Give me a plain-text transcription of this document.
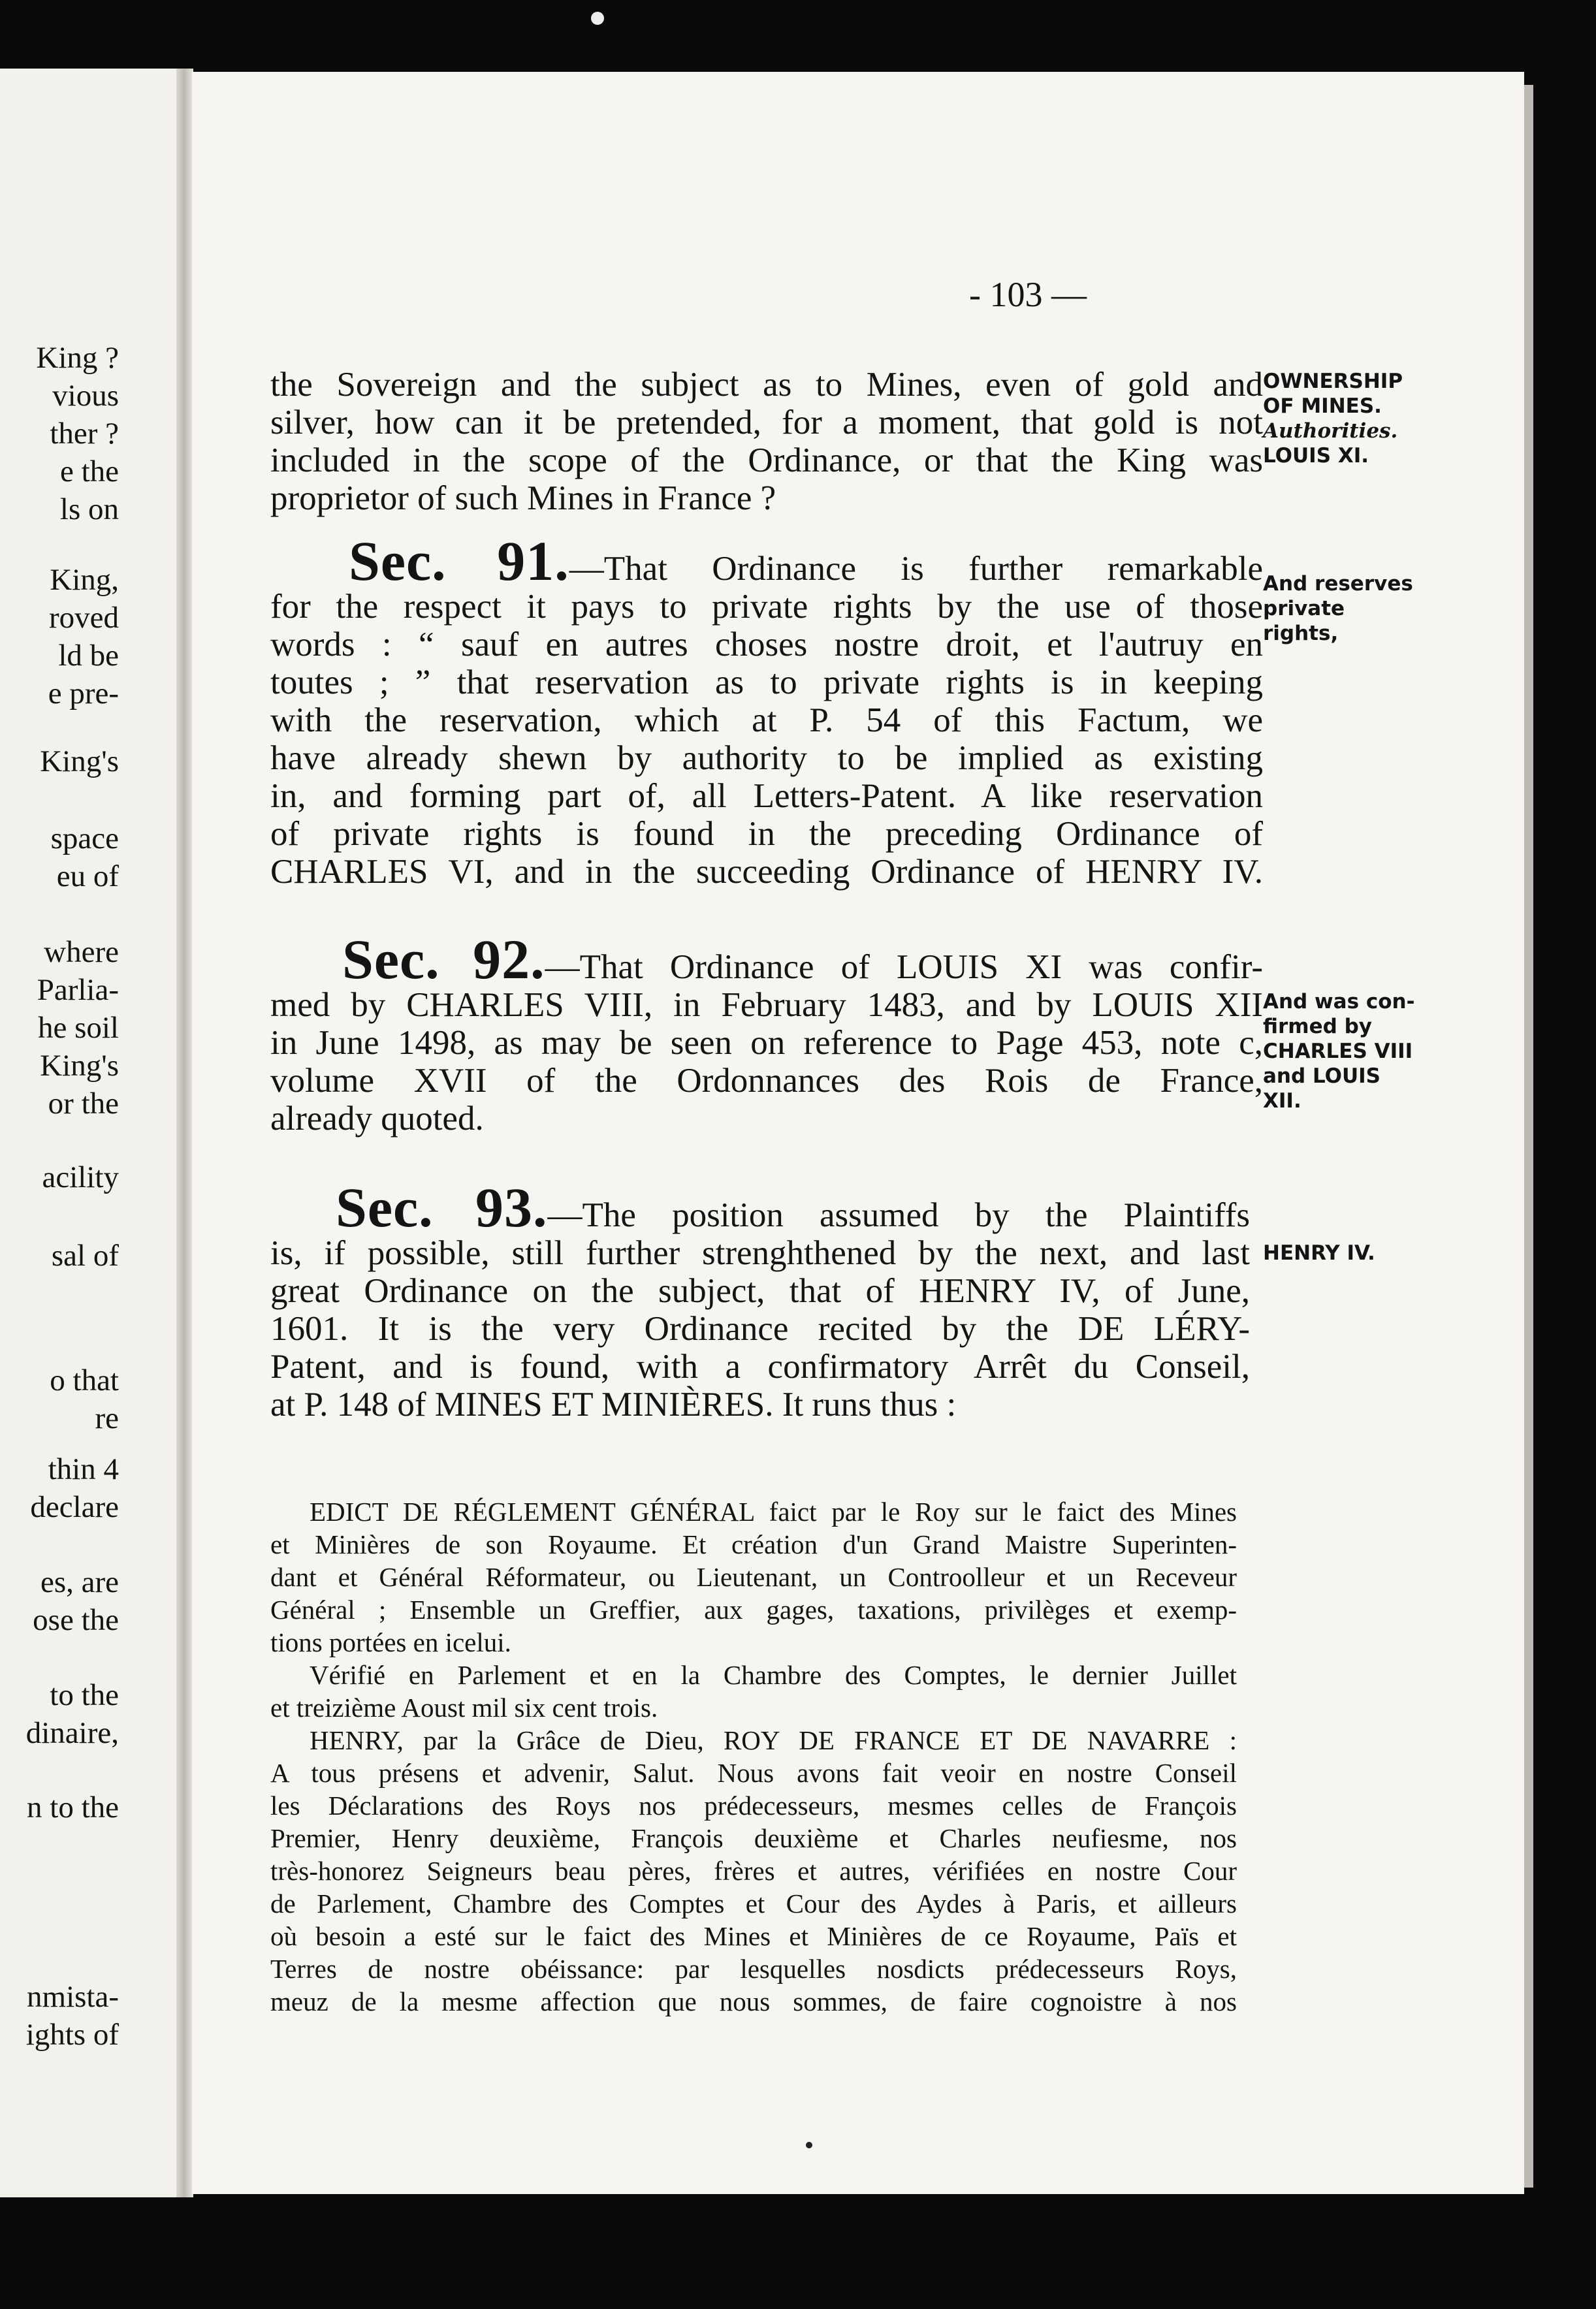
King ?
vious
ther ?
e the
ls on
King,
roved
ld be
e pre-
King's
space
eu of
where
Parlia-
he soil
King's
or the
acility
sal of
o that
re
thin 4
declare
es, are
ose the
to the
dinaire,
n to the
nmista-
ights of
- 103 —
the Sovereign and the subject as to Mines, even of gold and
silver, how can it be pretended, for a moment, that gold is not
included in the scope of the Ordinance, or that the King was
proprietor of such Mines in France ?
OWNERSHIP
OF MINES.
Authorities.
LOUIS XI.
Sec. 91.—That Ordinance is further remarkable
for the respect it pays to private rights by the use of those
words : “ sauf en autres choses nostre droit, et l'autruy en
toutes ; ” that reservation as to private rights is in keeping
with the reservation, which at P. 54 of this Factum, we
have already shewn by authority to be implied as existing
in, and forming part of, all Letters-Patent. A like reservation
of private rights is found in the preceding Ordinance of
CHARLES VI, and in the succeeding Ordinance of HENRY IV.
And reserves
private
rights,
Sec. 92.—That Ordinance of LOUIS XI was confir-
med by CHARLES VIII, in February 1483, and by LOUIS XII
in June 1498, as may be seen on reference to Page 453, note c,
volume XVII of the Ordonnances des Rois de France,
already quoted.
And was con-
firmed by
CHARLES VIII
and LOUIS
XII.
Sec. 93.—The position assumed by the Plaintiffs
is, if possible, still further strenghthened by the next, and last
great Ordinance on the subject, that of HENRY IV, of June,
1601. It is the very Ordinance recited by the DE LÉRY-
Patent, and is found, with a confirmatory Arrêt du Conseil,
at P. 148 of MINES ET MINIÈRES. It runs thus :
HENRY IV.
EDICT DE RÉGLEMENT GÉNÉRAL faict par le Roy sur le faict des Mines
et Minières de son Royaume. Et création d'un Grand Maistre Superinten-
dant et Général Réformateur, ou Lieutenant, un Controolleur et un Receveur
Général ; Ensemble un Greffier, aux gages, taxations, privilèges et exemp-
tions portées en icelui.
Vérifié en Parlement et en la Chambre des Comptes, le dernier Juillet
et treizième Aoust mil six cent trois.
HENRY, par la Grâce de Dieu, ROY DE FRANCE ET DE NAVARRE :
A tous présens et advenir, Salut. Nous avons fait veoir en nostre Conseil
les Déclarations des Roys nos prédecesseurs, mesmes celles de François
Premier, Henry deuxième, François deuxième et Charles neufiesme, nos
très-honorez Seigneurs beau pères, frères et autres, vérifiées en nostre Cour
de Parlement, Chambre des Comptes et Cour des Aydes à Paris, et ailleurs
où besoin a esté sur le faict des Mines et Minières de ce Royaume, Païs et
Terres de nostre obéissance: par lesquelles nosdicts prédecesseurs Roys,
meuz de la mesme affection que nous sommes, de faire cognoistre à nos
